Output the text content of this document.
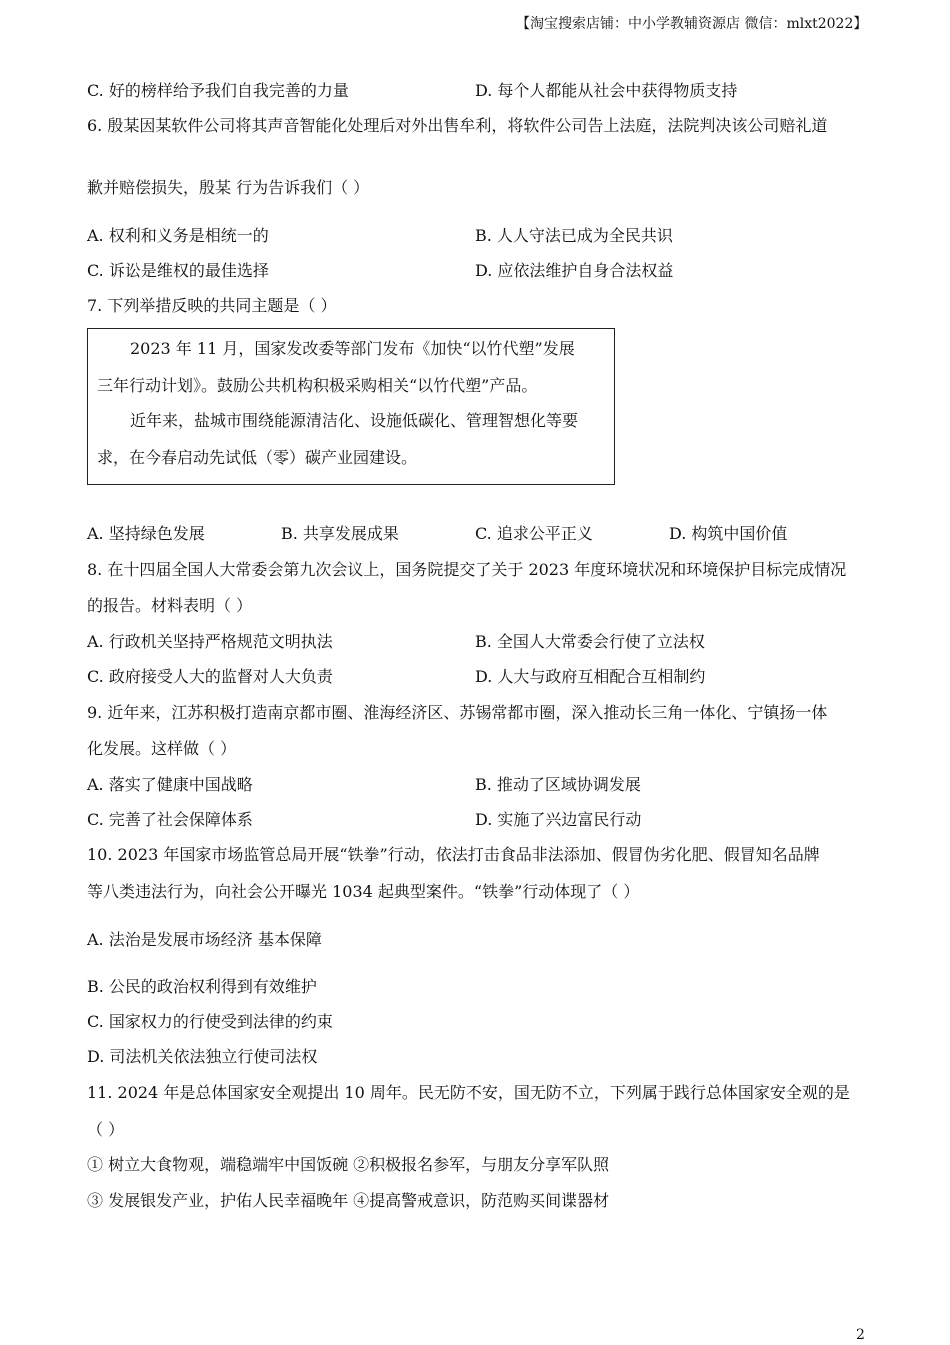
【淘宝搜索店铺：中小学教辅资源店 微信：mlxt2022】
C. 好的榜样给予我们自我完善的力量	D. 每个人都能从社会中获得物质支持
6. 殷某因某软件公司将其声音智能化处理后对外出售牟利，将软件公司告上法庭，法院判决该公司赔礼道
歉并赔偿损失，殷某 行为告诉我们（ ）
A. 权利和义务是相统一的	B. 人人守法已成为全民共识
C. 诉讼是维权的最佳选择	D. 应依法维护自身合法权益
7. 下列举措反映的共同主题是（ ）
2023 年 11 月，国家发改委等部门发布《加快“以竹代塑”发展
三年行动计划》。鼓励公共机构积极采购相关“以竹代塑”产品。
近年来，盐城市围绕能源清洁化、设施低碳化、管理智想化等要
求，在今春启动先试低（零）碳产业园建设。
A. 坚持绿色发展	B. 共享发展成果	C. 追求公平正义	D. 构筑中国价值
8. 在十四届全国人大常委会第九次会议上，国务院提交了关于 2023 年度环境状况和环境保护目标完成情况
的报告。材料表明（ ）
A. 行政机关坚持严格规范文明执法	B. 全国人大常委会行使了立法权
C. 政府接受人大的监督对人大负责	D. 人大与政府互相配合互相制约
9. 近年来，江苏积极打造南京都市圈、淮海经济区、苏锡常都市圈，深入推动长三角一体化、宁镇扬一体
化发展。这样做（ ）
A. 落实了健康中国战略	B. 推动了区域协调发展
C. 完善了社会保障体系	D. 实施了兴边富民行动
10. 2023 年国家市场监管总局开展“铁拳”行动，依法打击食品非法添加、假冒伪劣化肥、假冒知名品牌
等八类违法行为，向社会公开曝光 1034 起典型案件。“铁拳”行动体现了（ ）
A. 法治是发展市场经济 基本保障
B. 公民的政治权利得到有效维护
C. 国家权力的行使受到法律的约束
D. 司法机关依法独立行使司法权
11. 2024 年是总体国家安全观提出 10 周年。民无防不安，国无防不立，下列属于践行总体国家安全观的是
（ ）
① 树立大食物观，端稳端牢中国饭碗 ②积极报名参军，与朋友分享军队照
③ 发展银发产业，护佑人民幸福晚年 ④提高警戒意识，防范购买间谍器材
2
